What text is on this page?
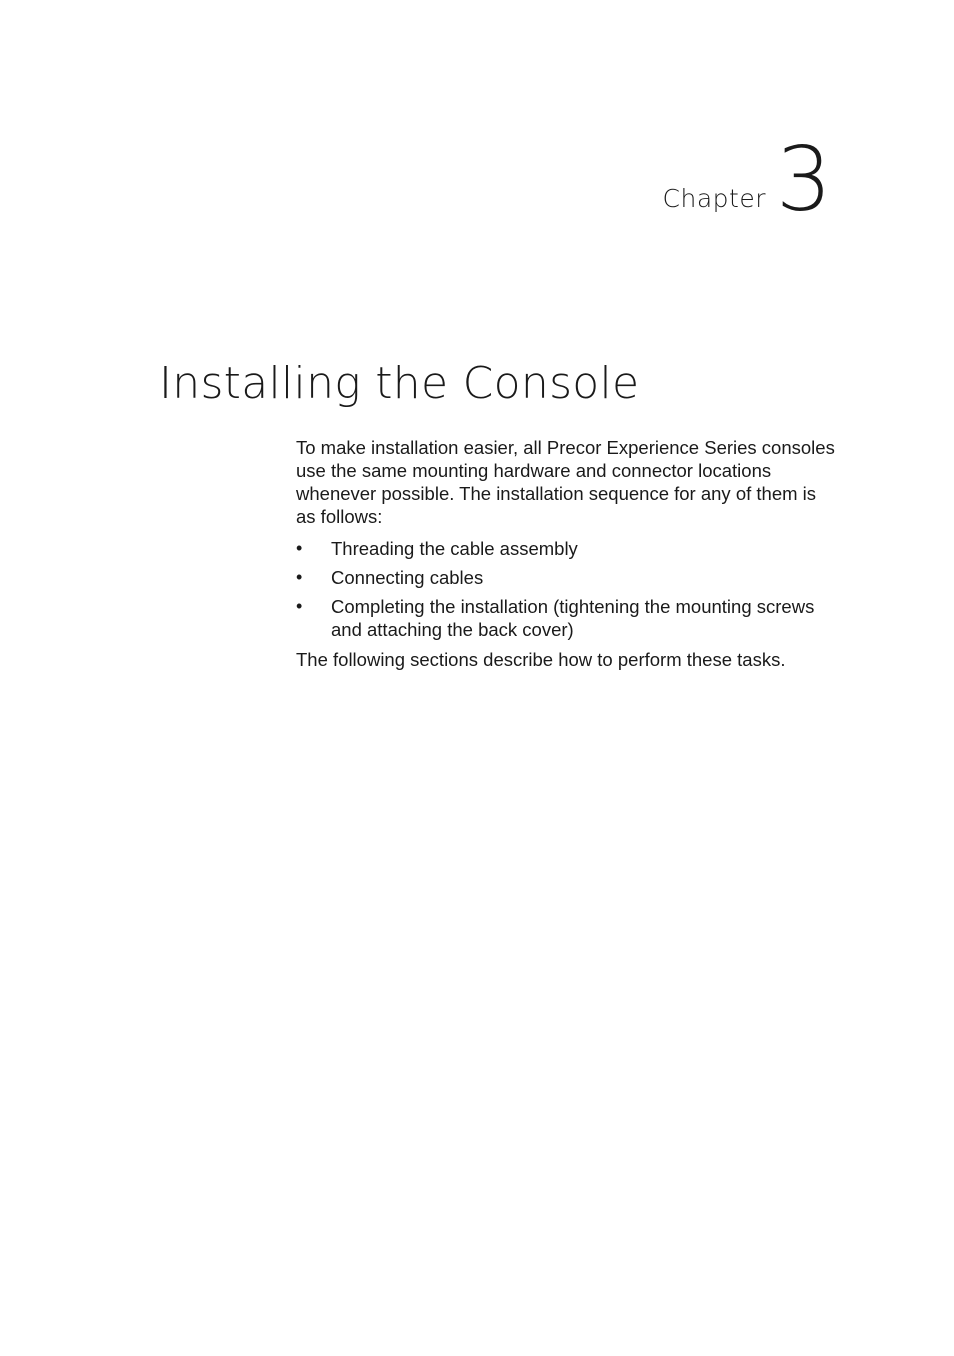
Chapter 3
Installing the Console

To make installation easier, all Precor Experience Series consoles use the same mounting hardware and connector locations whenever possible. The installation sequence for any of them is as follows:

• Threading the cable assembly
• Connecting cables
• Completing the installation (tightening the mounting screws and attaching the back cover)

The following sections describe how to perform these tasks.
